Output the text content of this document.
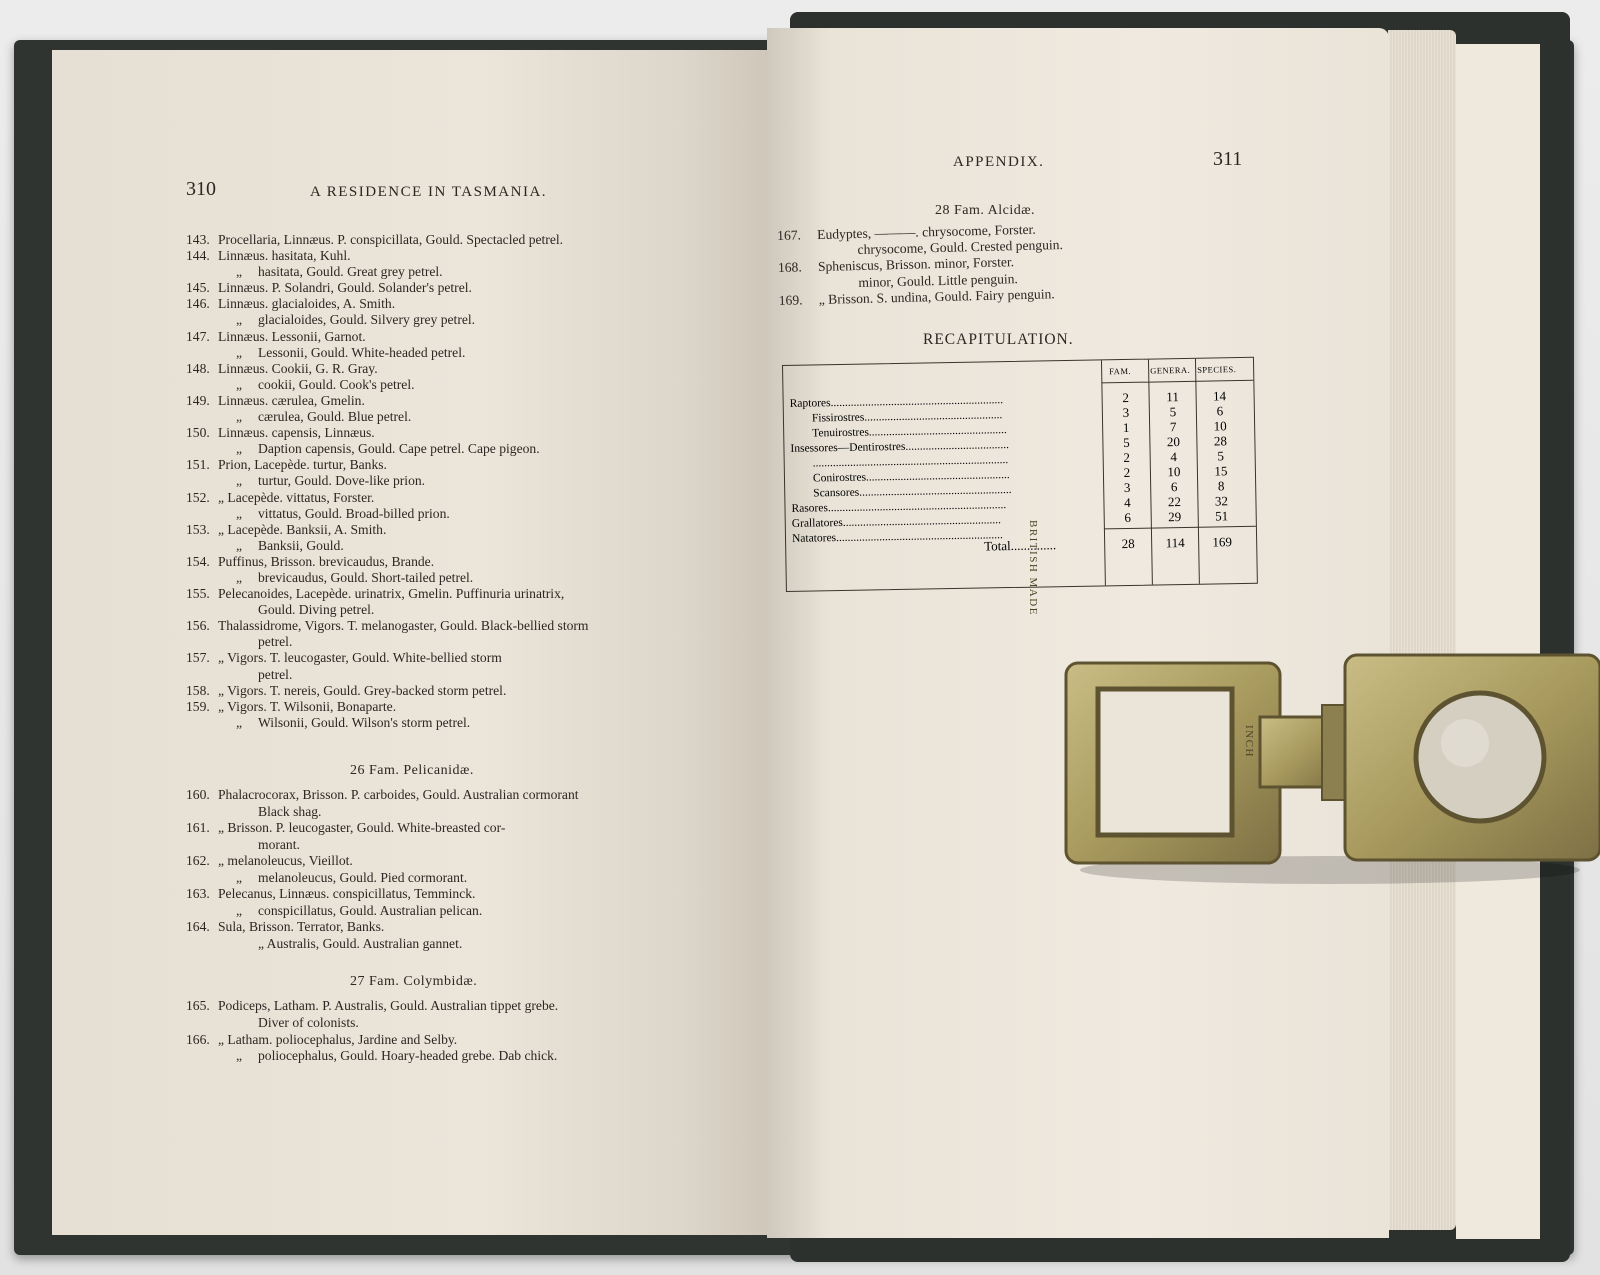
310	A RESIDENCE IN TASMANIA.
143. Procellaria, Linnæus. P. conspicillata, Gould. Spectacled petrel.
144. Linnæus. hasitata, Kuhl.
„ hasitata, Gould. Great grey petrel.
145. Linnæus. P. Solandri, Gould. Solander's petrel.
146. Linnæus. glacialoides, A. Smith.
„ glacialoides, Gould. Silvery grey petrel.
147. Linnæus. Lessonii, Garnot.
„ Lessonii, Gould. White-headed petrel.
148. Linnæus. Cookii, G. R. Gray.
„ cookii, Gould. Cook's petrel.
149. Linnæus. cærulea, Gmelin.
„ cærulea, Gould. Blue petrel.
150. Linnæus. capensis, Linnæus.
„ Daption capensis, Gould. Cape petrel. Cape pigeon.
151. Prion, Lacepède. turtur, Banks.
„ turtur, Gould. Dove-like prion.
152. „ Lacepède. vittatus, Forster.
„ vittatus, Gould. Broad-billed prion.
153. „ Lacepède. Banksii, A. Smith.
„ Banksii, Gould.
154. Puffinus, Brisson. brevicaudus, Brande.
„ brevicaudus, Gould. Short-tailed petrel.
155. Pelecanoides, Lacepède. urinatrix, Gmelin. Puffinuria urinatrix,
Gould. Diving petrel.
156. Thalassidrome, Vigors. T. melanogaster, Gould. Black-bellied storm
petrel.
157. „ Vigors. T. leucogaster, Gould. White-bellied storm
petrel.
158. „ Vigors. T. nereis, Gould. Grey-backed storm petrel.
159. „ Vigors. T. Wilsonii, Bonaparte.
„ Wilsonii, Gould. Wilson's storm petrel.
26 Fam. Pelicanidæ.
160. Phalacrocorax, Brisson. P. carboides, Gould. Australian cormorant
Black shag.
161. „ Brisson. P. leucogaster, Gould. White-breasted cor-
morant.
162. „ melanoleucus, Vieillot.
„ melanoleucus, Gould. Pied cormorant.
163. Pelecanus, Linnæus. conspicillatus, Temminck.
„ conspicillatus, Gould. Australian pelican.
164. Sula, Brisson. Terrator, Banks.
„ Australis, Gould. Australian gannet.
27 Fam. Colymbidæ.
165. Podiceps, Latham. P. Australis, Gould. Australian tippet grebe.
Diver of colonists.
166. „ Latham. poliocephalus, Jardine and Selby.
„ poliocephalus, Gould. Hoary-headed grebe. Dab chick.
APPENDIX.	311
28 Fam. Alcidæ.
167. Eudyptes, ———. chrysocome, Forster.
chrysocome, Gould. Crested penguin.
168. Spheniscus, Brisson. minor, Forster.
minor, Gould. Little penguin.
169. „ Brisson. S. undina, Gould. Fairy penguin.
RECAPITULATION.
FAM. GENERA. SPECIES.
Raptores............................................................	2	11	14
Fissirostres................................................	3	5	6
Tenuirostres................................................	1	7	10
Insessores—Dentirostres....................................	5	20	28
....................................................................	2	4	5
Conirostres..................................................	2	10	15
Scansores.....................................................	3	6	8
Rasores..............................................................	4	22	32
Grallatores.......................................................	6	29	51
Natatores..........................................................
Total..............	28	114	169
BRITISH MADE
INCH
